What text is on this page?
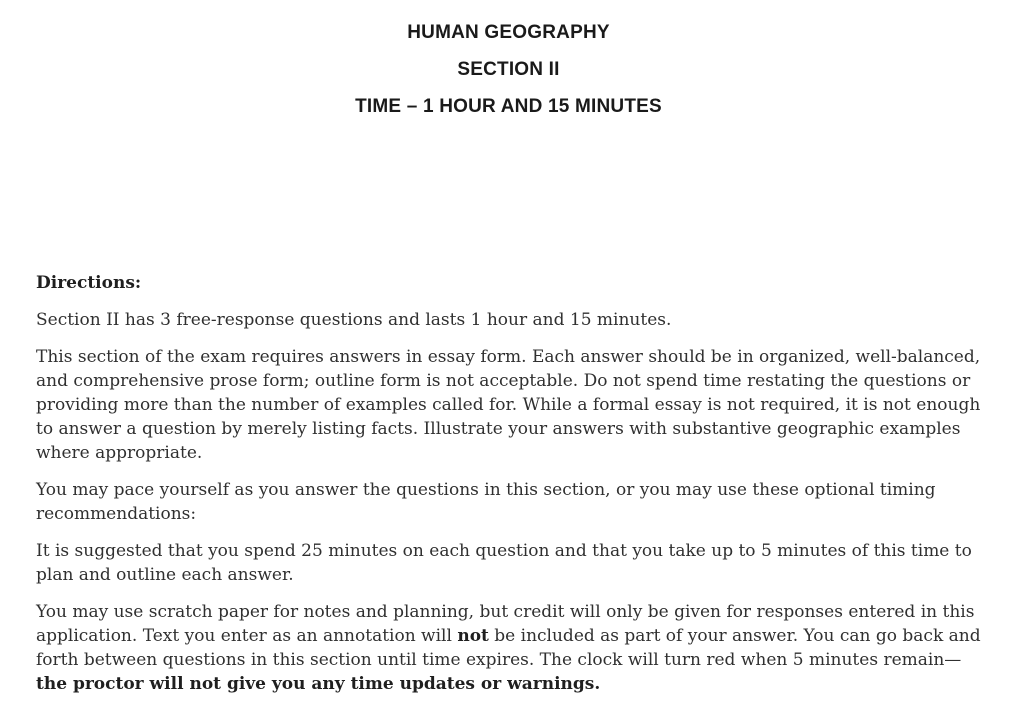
HUMAN GEOGRAPHY
SECTION II
TIME – 1 HOUR AND 15 MINUTES

Directions:

Section II has 3 free-response questions and lasts 1 hour and 15 minutes.

This section of the exam requires answers in essay form. Each answer should be in organized, well-balanced, and comprehensive prose form; outline form is not acceptable. Do not spend time restating the questions or providing more than the number of examples called for. While a formal essay is not required, it is not enough to answer a question by merely listing facts. Illustrate your answers with substantive geographic examples where appropriate.

You may pace yourself as you answer the questions in this section, or you may use these optional timing recommendations:

It is suggested that you spend 25 minutes on each question and that you take up to 5 minutes of this time to plan and outline each answer.

You may use scratch paper for notes and planning, but credit will only be given for responses entered in this application. Text you enter as an annotation will not be included as part of your answer. You can go back and forth between questions in this section until time expires. The clock will turn red when 5 minutes remain—the proctor will not give you any time updates or warnings.
